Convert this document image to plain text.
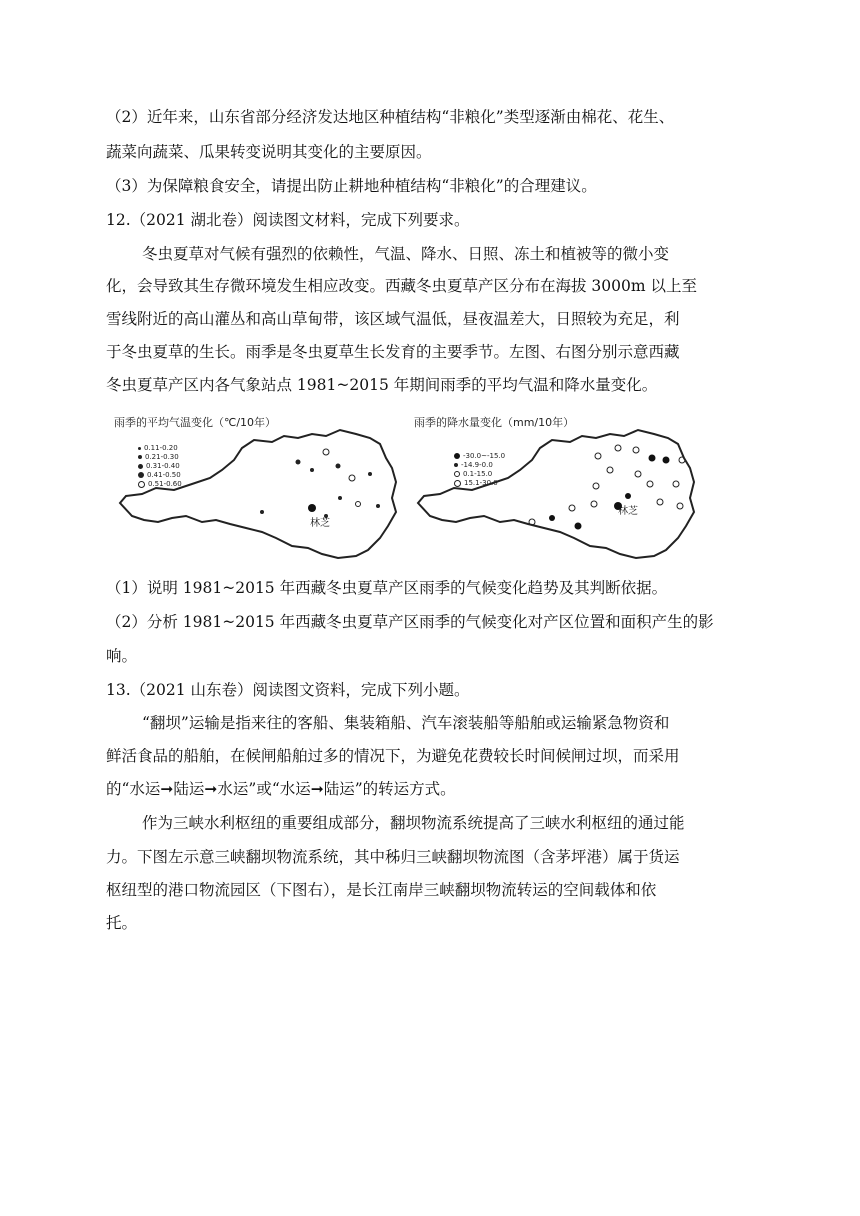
（2）近年来，山东省部分经济发达地区种植结构“非粮化”类型逐渐由棉花、花生、
蔬菜向蔬菜、瓜果转变说明其变化的主要原因。
（3）为保障粮食安全，请提出防止耕地种植结构“非粮化”的合理建议。
12.（2021 湖北卷）阅读图文材料，完成下列要求。
冬虫夏草对气候有强烈的依赖性，气温、降水、日照、冻土和植被等的微小变
化，会导致其生存微环境发生相应改变。西藏冬虫夏草产区分布在海拔 3000m 以上至
雪线附近的高山灌丛和高山草甸带，该区域气温低，昼夜温差大，日照较为充足，利
于冬虫夏草的生长。雨季是冬虫夏草生长发育的主要季节。左图、右图分别示意西藏
冬虫夏草产区内各气象站点 1981~2015 年期间雨季的平均气温和降水量变化。
雨季的平均气温变化（℃/10年）
0.11-0.20
0.21-0.30
0.31-0.40
0.41-0.50
0.51-0.60
林芝
雨季的降水量变化（mm/10年）
-30.0~-15.0
-14.9-0.0
0.1-15.0
15.1-30.0
林芝
（1）说明 1981~2015 年西藏冬虫夏草产区雨季的气候变化趋势及其判断依据。
（2）分析 1981~2015 年西藏冬虫夏草产区雨季的气候变化对产区位置和面积产生的影
响。
13.（2021 山东卷）阅读图文资料，完成下列小题。
“翻坝”运输是指来往的客船、集装箱船、汽车滚装船等船舶或运输紧急物资和
鲜活食品的船舶，在候闸船舶过多的情况下，为避免花费较长时间候闸过坝，而采用
的“水运➞陆运➞水运”或“水运➞陆运”的转运方式。
作为三峡水利枢纽的重要组成部分，翻坝物流系统提高了三峡水利枢纽的通过能
力。下图左示意三峡翻坝物流系统，其中秭归三峡翻坝物流图（含茅坪港）属于货运
枢纽型的港口物流园区（下图右），是长江南岸三峡翻坝物流转运的空间载体和依
托。
